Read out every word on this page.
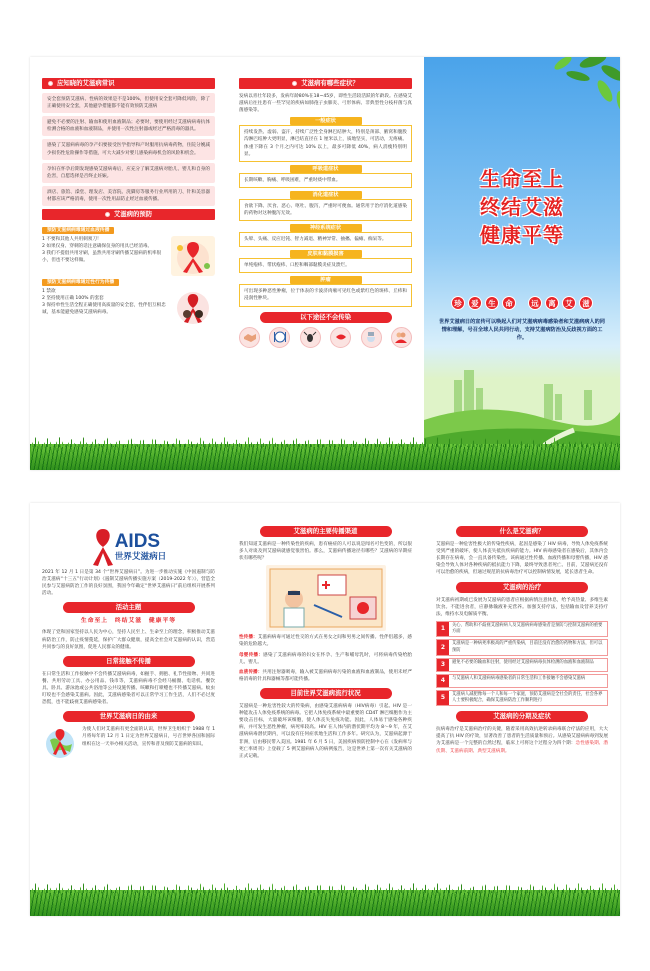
应知晓的艾滋病常识
安全套预防艾滋病、性病的效果是不是100%，但使用安全套可降低风险，除了正确使用安全套，其他避孕措施都不能有效预防艾滋病
避免不必要的注射、输血和使用血液制品；必要时，要使用经过艾滋病病毒抗体检测合格的血液和血液制品，并使用一次性注射器或经过严格消毒的器具。
感染了艾滋病病毒的孕产妇要接受医学指导和产时服用抗病毒药物，住院分娩减少损伤性危险操作等措施，可大大减少对婴儿感染病毒机会的风险和机会。
孕妇在怀孕后期发现感染艾滋病毒后，应充分了解艾滋病对胎儿、婴儿和自身的危害，自愿选择是否终止妊娠。
酒店、旅馆、澡堂、理发店、美容院、洗脚房等服务行业所用的刀、针和美容器材都应该严格消毒，使用一次性用品防止经过血液传播。
艾滋病的预防
预防艾滋病病毒通过血液传播
1 不要和其他人共用刺须刀！
2 如果仅身、穿刺的话注意确保仪身的用具已经消毒。
3 我们不提倡共用牙刷，虽然共用牙刷传播艾滋病的机率很小，但也不要这样做。
预防艾滋病病毒通过性行为传播
1 禁欲
2 坚持使用正确 100% 的套套
3 保持单性生活全程正确使用高质量的安全套，性伴侣互相忠诚，基本能避免感染艾滋病病毒。
艾滋病有哪些症状？
发病以青壮年较多，发病年龄80%在18~45岁，即性生活较活跃的年龄段。在感染艾滋病后往往患有一些罕见的疾病如肺孢子虫肺炎、弓形体病、非典型性分枝杆菌与真菌感染等。
一般症状
持续发热、虚弱、盗汗，持续广泛性全身淋巴结肿大，特别是颈部、腋窝和腹股沟淋巴结肿大更明显，淋巴结直径在 1 厘米以上，质地坚实，可活动，无疼痛。体重下降在 3 个月之内可达 10% 以上，最多可降低 40%，病人消瘦特别明显。
呼吸道症状
长期咳嗽、胸痛、呼吸困难，严重时痰中带血。
消化道症状
食欲下降、厌食、恶心、呕吐、腹泻，严重时可便血。通常用于治疗消化道感染的药物对这种腹泻无效。
神经系统症状
头晕、头痛、反应迟钝、智力减退、精神异常、抽搐、偏瘫、痴呆等。
皮肤和黏膜损害
单纯疱疹、带状疱疹、口腔和咽部黏膜炎症及溃烂。
肿瘤
可出现多种恶性肿瘤，位于体表的卡波济肉瘤可见红色或紫红色的斑疹、丘疹和浸润性肿块。
以下途径不会传染
生命至上
终结艾滋
健康平等
珍	爱	生	命	远	离	艾	滋
世界艾滋病日的宣传可以唤起人们对艾滋病病毒感染者和艾滋病病人的同情和理解，号召全球人民共同行动，支持艾滋病防治及反歧视方面的工作。
AIDS
世界艾滋病日
2021 年 12 月 1 日是第 34 个“世界艾滋病日”。为进一步推动实施《中国遏制与防治艾滋病“十三五”行动计划》《遏制艾滋病传播实施方案（2019-2022 年）》，营造全民参与艾滋病防治工作的良好氛围，我国今年确定“世界艾滋病日”前后组织开展系列活动。
活动主题
生命至上　终结艾滋　健康平等
体现了党和国家坚持以人民为中心，坚持人民至上、生命至上的理念，积极推动艾滋病防治工作，防止疫情蔓延，保护广大群众健康，提高全社会对艾滋病的认识，营造共同参与的良好氛围，促进人民群众的健康。
日常接触不传播
在日常生活和工作接触中不会传播艾滋病病毒，如握手、拥抱、礼节性接吻、共同进餐、共用劳动工具、办公用品、钱币等，艾滋病病毒不会经马桶圈、电话机、餐饮具、卧具、游泳池或公共浴池等公共设施传播。咳嗽和打喷嚏也不传播艾滋病。蚊虫叮咬也不会感染艾滋病。因此，艾滋病感染者可以正常学习工作生活，人们不必过度恐慌，也不能歧视艾滋病感染者。
世界艾滋病日的由来
为使人们对艾滋病有更全面的认识，世界卫生组织于 1988 年 1 月将每年的 12 月 1 日定为世界艾滋病日，号召世界各国和国际组织在这一天举办相关活动，宣传和普及预防艾滋病的知识。
艾滋病的主要传播渠道
我们知道艾滋病是一种传染性的疾病，患有癌症的人可以说是闻名可色变的，所以很多人对谈及到艾滋病就感觉很害怕。那么，艾滋病传播途径有哪些？艾滋病的早期症状有哪些呢？
性传播：艾滋病病毒可通过性交的方式在男女之间和男男之间传播。性伴侣越多，感染的危险越大。
母婴传播：感染了艾滋病病毒的妇女在怀孕、生产和哺母乳时，可将病毒传染给胎儿、婴儿。
血液传播：共用注射器吸毒，输入被艾滋病病毒污染的血液和血液制品，使用未经严格消毒的针具和器械等都可能传播。
目前世界艾滋病流行状况
艾滋病是一种危害性较大的传染病，由感染艾滋病病毒（HIV病毒）引起。HIV 是一种能攻击人体免疫系统的病毒。它把人体免疫系统中最重要的 CD4T 淋巴细胞作为主要攻击目标，大量破坏该细胞，使人体丧失免疫功能。因此，人体易于感染各种疾病，并可发生恶性肿瘤，病死率较高。HIV 在人体内的潜伏期平均为 8～9 年，在艾滋病病毒潜伏期内，可以没有任何症状地生活和工作多年。研究认为，艾滋病起源于非洲，后由移民带入美国。1981 年 6 月 5 日，美国疾病预防控制中心在《发病率与死亡率周刊》上登载了 5 例艾滋病病人的病例报告，这是世界上第一次有关艾滋病的正式记载。
什么是艾滋病？
艾滋病是一种危害性极大的传染性疾病，起因是感染了 HIV 病毒，导致人体免疫系统受到严重的破坏，使人体丧失抵抗疾病的能力。HIV 病毒感染者在感染后，其体内会长期存在病毒，会一直具备传染性。该病通过性传播、血液传播和母婴传播，HIV 感染会导致人体对各种疾病的抵抗能力下降，最终导致患者死亡。目前，艾滋病还没有可以治愈的疾病，但通过规范的抗病毒治疗可以控制病情发展，延长患者生命。
艾滋病的治疗
对艾滋病初期或已发展为艾滋病的患者应根据病情注意休息，给予高热量、多维生素饮食。不能进食者，应静脉输液补充营养。加强支持疗法，包括输血及营养支持疗法，维持水及电解质平衡。
1
关心、帮助和不歧视艾滋病病人及艾滋病病毒感染者是预防与控制艾滋病的重要方面
2
艾滋病是一种病死率极高的严重传染病，目前还没有治愈的药物和方法，但可以预防
3	避免不必要的输血和注射，使用经过艾滋病病毒抗体检测的血液和血液制品
4	与艾滋病人和艾滋病病毒感染者的日常生活和工作接触不会感染艾滋病
5
艾滋病人减肥像每一个人和每一个家庭，预防艾滋病是全社会的责任，社会各界人士要积极配合，确保艾滋病防治工作顺利进行
艾滋病的分期及症状
抗病毒治疗是艾滋病治疗的关键，随着采用高效抗逆转录病毒联合疗法的应用，大大提高了抗 HIV 的疗效，显著改善了患者的生活质量和预后。从感染艾滋病病毒到发展为艾滋病是一个完整的自然过程，临床上可将这个过程分为四个期：急性感染期、潜伏期、艾滋病前期、典型艾滋病期。
